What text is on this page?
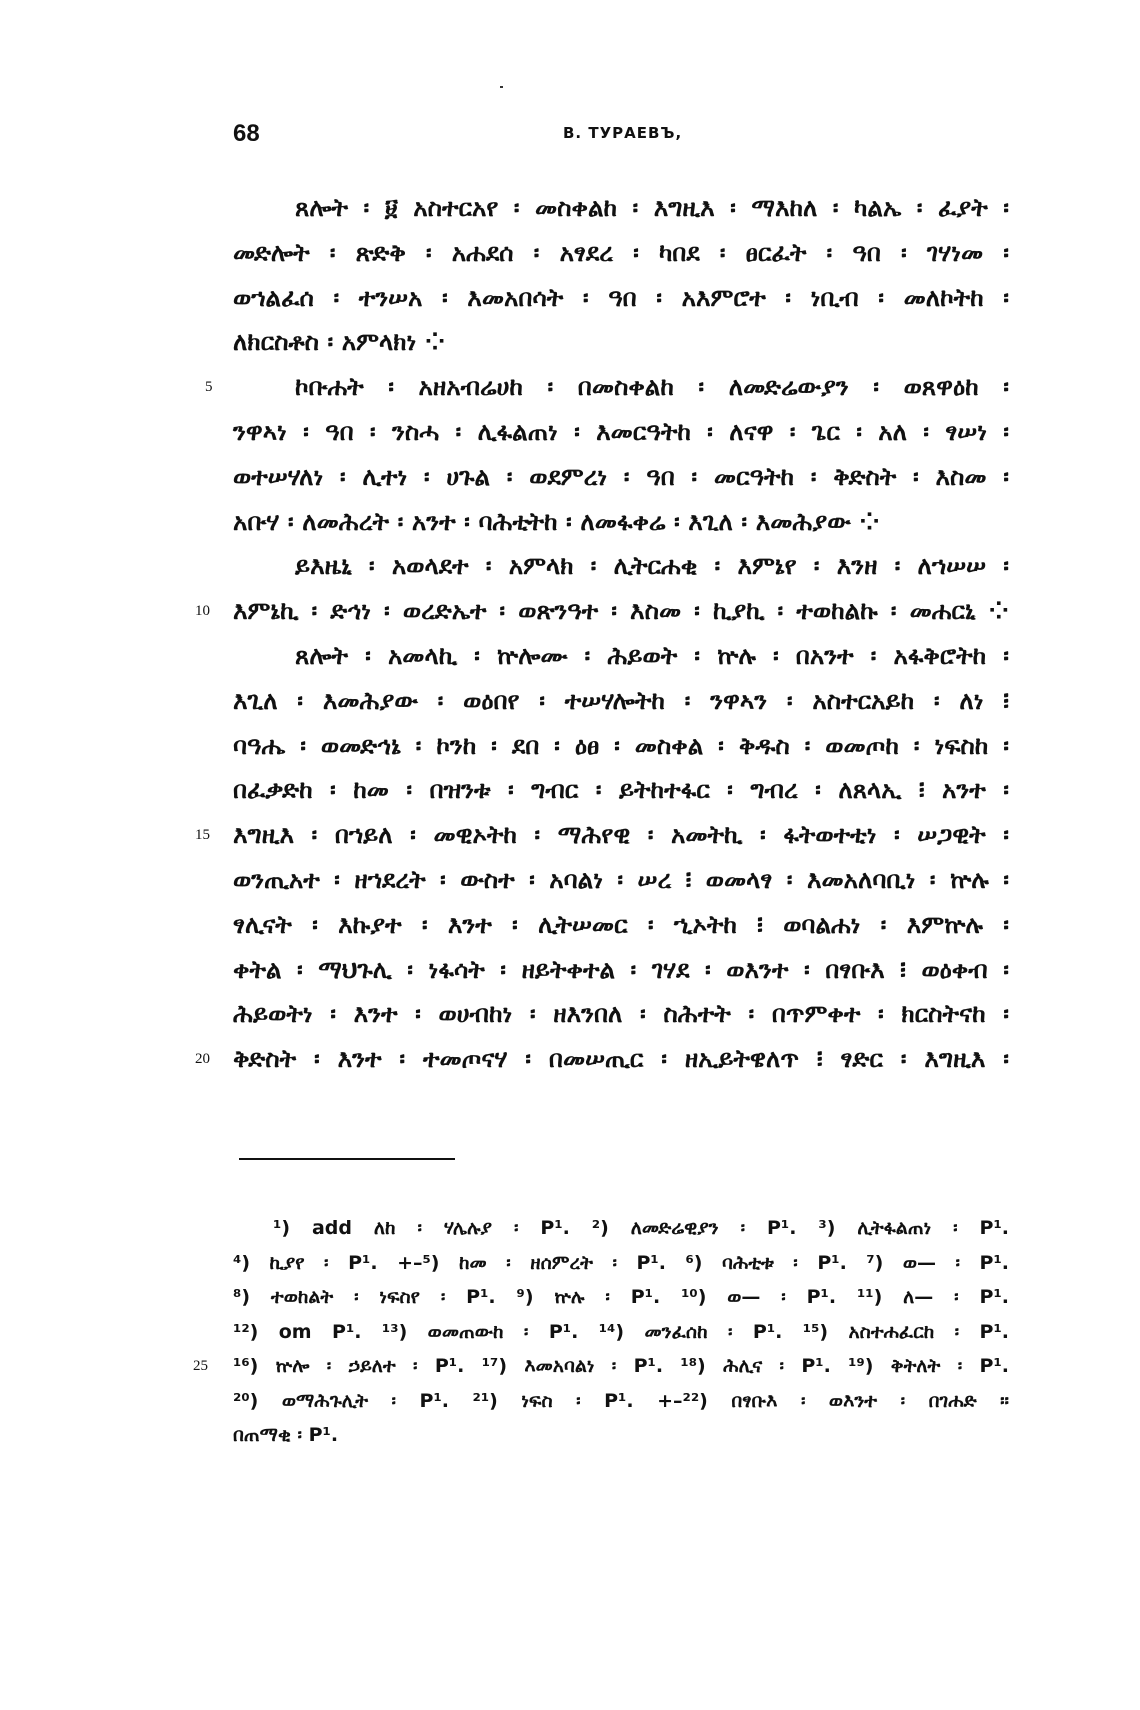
68	В. ТУРАЕВЪ,
ጸሎት ፡ ፱ አስተርአየ ፡ መስቀልከ ፡ እግዚእ ፡ ማእከለ ፡ ካልኤ ፡ ፈያት ፡
መድሎት ፡ ጽድቅ ፡ አሐደሰ ፡ አፃደረ ፡ ካበደ ፡ ፀርፈት ፡ ዓበ ፡ ገሃነመ ፡
ወኀልፈሰ ፡ ተንሠአ ፡ እመአበሳት ፡ ዓበ ፡ አእምሮተ ፡ ነቢብ ፡ መለኮትከ ፡
ለክርስቶስ ፡ አምላክነ ⁘
5	ኮቡሐት ፡ አዘአብሬሀከ ፡ በመስቀልከ ፡ ለመድሬውያን ፡ ወጸዋዕከ ፡
ንዋኣነ ፡ ዓበ ፡ ንስሓ ፡ ሊፋልጠነ ፡ እመርዓትከ ፡ ለናዋ ፡ ጌር ፡ አለ ፡ ፃሠነ ፡
ወተሠሃለነ ፡ ሊተነ ፡ ሀጉል ፡ ወደምረነ ፡ ዓበ ፡ መርዓትከ ፡ ቅድስት ፡ እስመ ፡
አቡሃ ፡ ለመሕረት ፡ አንተ ፡ ባሕቲትከ ፡ ለመፋቀሬ ፡ እጊለ ፡ እመሕያው ⁘
ይእዜኒ ፡ አወላደተ ፡ አምላክ ፡ ሊትርሐቂ ፡ እምኔየ ፡ እንዘ ፡ ለኀሠሠ ፡
10 እምኔኪ ፡ ድኅነ ፡ ወረድኤተ ፡ ወጽንዓተ ፡ እስመ ፡ ኪያኪ ፡ ተወከልኩ ፡ መሐርኒ ⁘
ጸሎት ፡ አመላኪ ፡ ኵሎሙ ፡ ሕይወት ፡ ኵሉ ፡ በአንተ ፡ አፋቅሮትከ ፡
እጊለ ፡ እመሕያው ፡ ወዕበየ ፡ ተሠሃሎትከ ፡ ንዋኣን ፡ አስተርአይከ ፡ ለነ ፧
ባዓሔ ፡ ወመድኅኔ ፡ ኮንከ ፡ ደበ ፡ ዕፀ ፡ መስቀል ፡ ቅዱስ ፡ ወመጦከ ፡ ነፍስከ ፡
በፈቃድከ ፡ ከመ ፡ በዝንቱ ፡ ግብር ፡ ይትከተፋር ፡ ግብረ ፡ ለጸላኢ ፧ አንተ ፡
15 እግዚእ ፡ በኀይለ ፡ መዊኦትከ ፡ ማሕየዊ ፡ አመትኪ ፡ ፋትወተቲነ ፡ ሠጋዊት ፡
ወንጢአተ ፡ ዘኀደረት ፡ ውስተ ፡ አባልነ ፡ ሠረ ፧ ወመላፃ ፡ እመአለባቢነ ፡ ኵሉ ፡
ፃሊናት ፡ እኩያተ ፡ እንተ ፡ ሊትሠመር ፡ ኂኦትከ ፧ ወባልሐነ ፡ እምኵሉ ፡
ቀትል ፡ ማህጉሊ ፡ ነፋሳት ፡ ዘይትቀተል ፡ ገሃደ ፡ ወእንተ ፡ በፃቡእ ፧ ወዕቀብ ፡
ሕይወትነ ፡ እንተ ፡ ወሀብከነ ፡ ዘእንበለ ፡ ስሕተት ፡ በጥምቀተ ፡ ክርስትናከ ፡
20 ቅድስት ፡ እንተ ፡ ተመጦናሃ ፡ በመሠጢር ፡ ዘኢይትዌለጥ ፧ ፃድር ፡ እግዚእ ፡
¹) add ለከ ፡ ሃሌሉያ ፡ P¹. ²) ለመድሬዊያን ፡ P¹. ³) ሊትፋልጠነ ፡ P¹.
⁴) ኪያየ ፡ P¹. +–⁵) ከመ ፡ ዘሰምረት ፡ P¹. ⁶) ባሕቲቱ ፡ P¹. ⁷) ወ— ፡ P¹.
⁸) ተወከልት ፡ ነፍስየ ፡ P¹. ⁹) ኵሉ ፡ P¹. ¹⁰) ወ— ፡ P¹. ¹¹) ለ— ፡ P¹.
¹²) om P¹. ¹³) ወመጠውከ ፡ P¹. ¹⁴) መንፈሰከ ፡ P¹. ¹⁵) አስተሐፈርከ ፡ P¹.
25 ¹⁶) ኵሎ ፡ ኃይለተ ፡ P¹. ¹⁷) እመአባልነ ፡ P¹. ¹⁸) ሕሊና ፡ P¹. ¹⁹) ቅትለት ፡ P¹.
²⁰) ወማሕጉሊት ፡ P¹. ²¹) ነፍስ ፡ P¹. +–²²) በፃቡእ ፡ ወእንተ ፡ በገሐድ ።
በጠማቂ ፡ P¹.
